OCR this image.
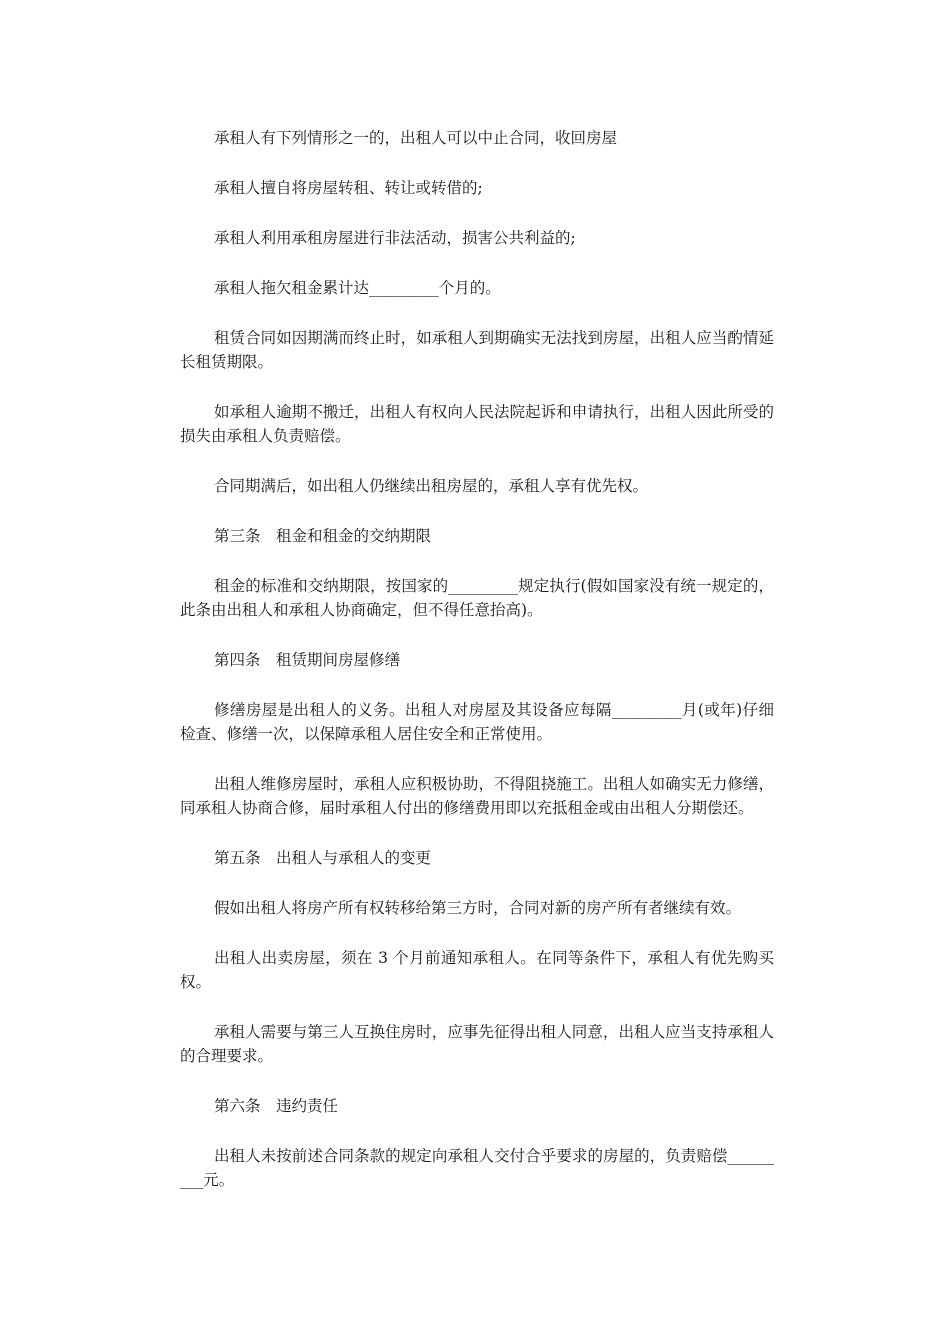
承租人有下列情形之一的，出租人可以中止合同，收回房屋

承租人擅自将房屋转租、转让或转借的;

承租人利用承租房屋进行非法活动，损害公共利益的;

承租人拖欠租金累计达_________个月的。

租赁合同如因期满而终止时，如承租人到期确实无法找到房屋，出租人应当酌情延长租赁期限。

如承租人逾期不搬迁，出租人有权向人民法院起诉和申请执行，出租人因此所受的损失由承租人负责赔偿。

合同期满后，如出租人仍继续出租房屋的，承租人享有优先权。

第三条　租金和租金的交纳期限

租金的标准和交纳期限，按国家的_________规定执行(假如国家没有统一规定的，此条由出租人和承租人协商确定，但不得任意抬高)。

第四条　租赁期间房屋修缮

修缮房屋是出租人的义务。出租人对房屋及其设备应每隔_________月(或年)仔细检查、修缮一次，以保障承租人居住安全和正常使用。

出租人维修房屋时，承租人应积极协助，不得阻挠施工。出租人如确实无力修缮，同承租人协商合修，届时承租人付出的修缮费用即以充抵租金或由出租人分期偿还。

第五条　出租人与承租人的变更

假如出租人将房产所有权转移给第三方时，合同对新的房产所有者继续有效。

出租人出卖房屋，须在 3 个月前通知承租人。在同等条件下，承租人有优先购买权。

承租人需要与第三人互换住房时，应事先征得出租人同意，出租人应当支持承租人的合理要求。

第六条　违约责任

出租人未按前述合同条款的规定向承租人交付合乎要求的房屋的，负责赔偿_________元。
